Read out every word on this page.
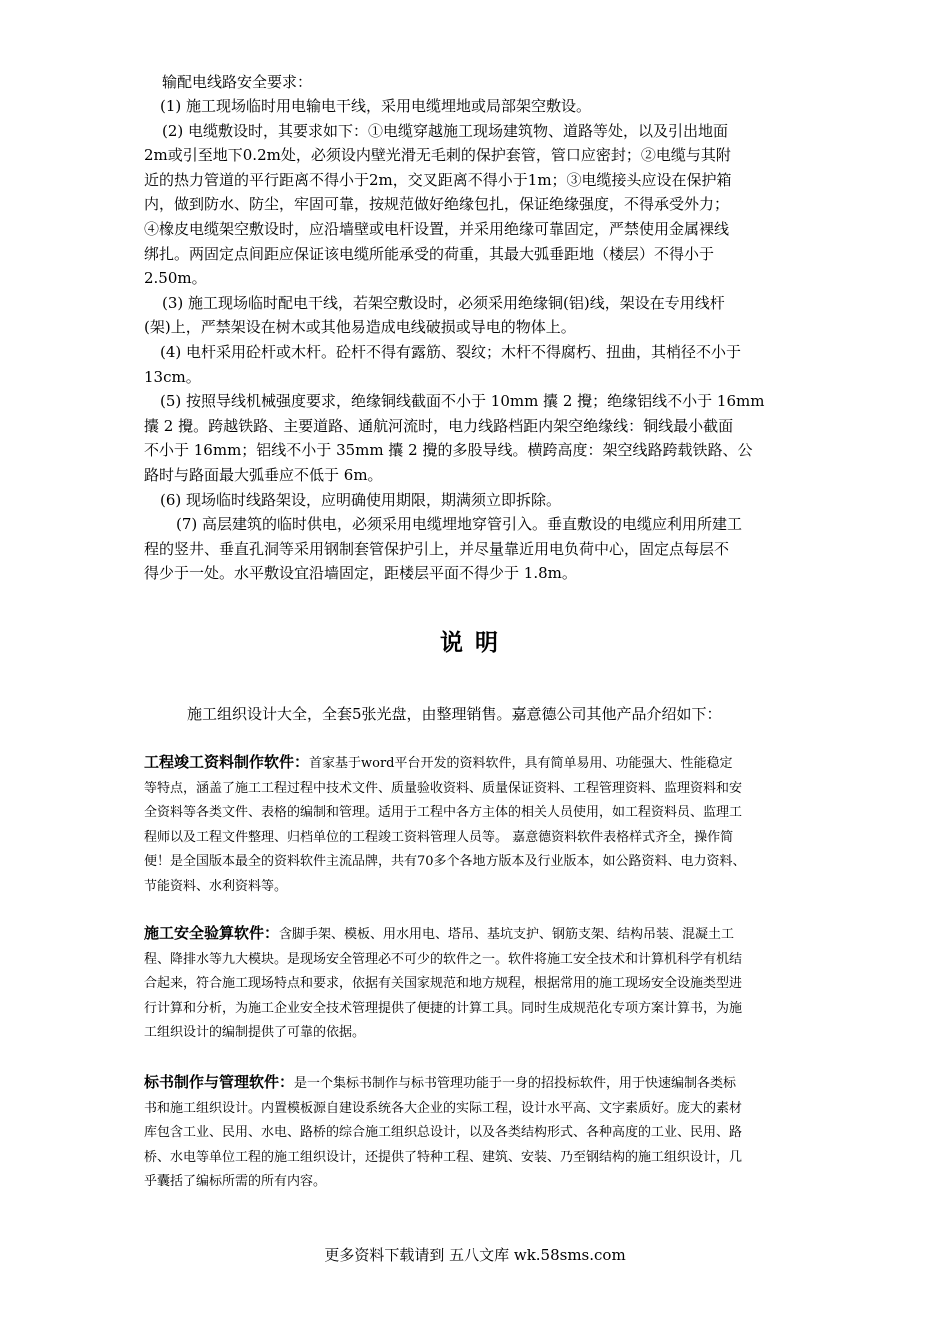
输配电线路安全要求：
(1) 施工现场临时用电输电干线，采用电缆埋地或局部架空敷设。
(2) 电缆敷设时，其要求如下：①电缆穿越施工现场建筑物、道路等处，以及引出地面
2m或引至地下0.2m处，必须设内壁光滑无毛刺的保护套管，管口应密封；②电缆与其附
近的热力管道的平行距离不得小于2m，交叉距离不得小于1m；③电缆接头应设在保护箱
内，做到防水、防尘，牢固可靠，按规范做好绝缘包扎，保证绝缘强度，不得承受外力；
④橡皮电缆架空敷设时，应沿墙壁或电杆设置，并采用绝缘可靠固定，严禁使用金属裸线
绑扎。两固定点间距应保证该电缆所能承受的荷重，其最大弧垂距地（楼层）不得小于
2.50m。
(3) 施工现场临时配电干线，若架空敷设时，必须采用绝缘铜(铝)线，架设在专用线杆
(架)上，严禁架设在树木或其他易造成电线破损或导电的物体上。
(4) 电杆采用砼杆或木杆。砼杆不得有露筋、裂纹；木杆不得腐朽、扭曲，其梢径不小于
13cm。
(5) 按照导线机械强度要求，绝缘铜线截面不小于 10mm 攮 2 攪；绝缘铝线不小于 16mm
攮 2 攪。跨越铁路、主要道路、通航河流时，电力线路档距内架空绝缘线：铜线最小截面
不小于 16mm；铝线不小于 35mm 攮 2 攪的多股导线。横跨高度：架空线路跨载铁路、公
路时与路面最大弧垂应不低于 6m。
(6) 现场临时线路架设，应明确使用期限，期满须立即拆除。
(7) 高层建筑的临时供电，必须采用电缆埋地穿管引入。垂直敷设的电缆应利用所建工
程的竖井、垂直孔洞等采用钢制套管保护引上，并尽量靠近用电负荷中心，固定点每层不
得少于一处。水平敷设宜沿墙固定，距楼层平面不得少于 1.8m。
说明
施工组织设计大全，全套5张光盘，由整理销售。嘉意德公司其他产品介绍如下：
工程竣工资料制作软件：首家基于word平台开发的资料软件，具有简单易用、功能强大、性能稳定
等特点，涵盖了施工工程过程中技术文件、质量验收资料、质量保证资料、工程管理资料、监理资料和安
全资料等各类文件、表格的编制和管理。适用于工程中各方主体的相关人员使用，如工程资料员、监理工
程师以及工程文件整理、归档单位的工程竣工资料管理人员等。 嘉意德资料软件表格样式齐全，操作简
便！是全国版本最全的资料软件主流品牌，共有70多个各地方版本及行业版本，如公路资料、电力资料、
节能资料、水利资料等。
施工安全验算软件：含脚手架、模板、用水用电、塔吊、基坑支护、钢筋支架、结构吊装、混凝土工
程、降排水等九大模块。是现场安全管理必不可少的软件之一。软件将施工安全技术和计算机科学有机结
合起来，符合施工现场特点和要求，依据有关国家规范和地方规程，根据常用的施工现场安全设施类型进
行计算和分析，为施工企业安全技术管理提供了便捷的计算工具。同时生成规范化专项方案计算书，为施
工组织设计的编制提供了可靠的依据。
标书制作与管理软件：是一个集标书制作与标书管理功能于一身的招投标软件，用于快速编制各类标
书和施工组织设计。内置模板源自建设系统各大企业的实际工程，设计水平高、文字素质好。庞大的素材
库包含工业、民用、水电、路桥的综合施工组织总设计，以及各类结构形式、各种高度的工业、民用、路
桥、水电等单位工程的施工组织设计，还提供了特种工程、建筑、安装、乃至钢结构的施工组织设计，几
乎囊括了编标所需的所有内容。
更多资料下载请到 五八文库 wk.58sms.com
